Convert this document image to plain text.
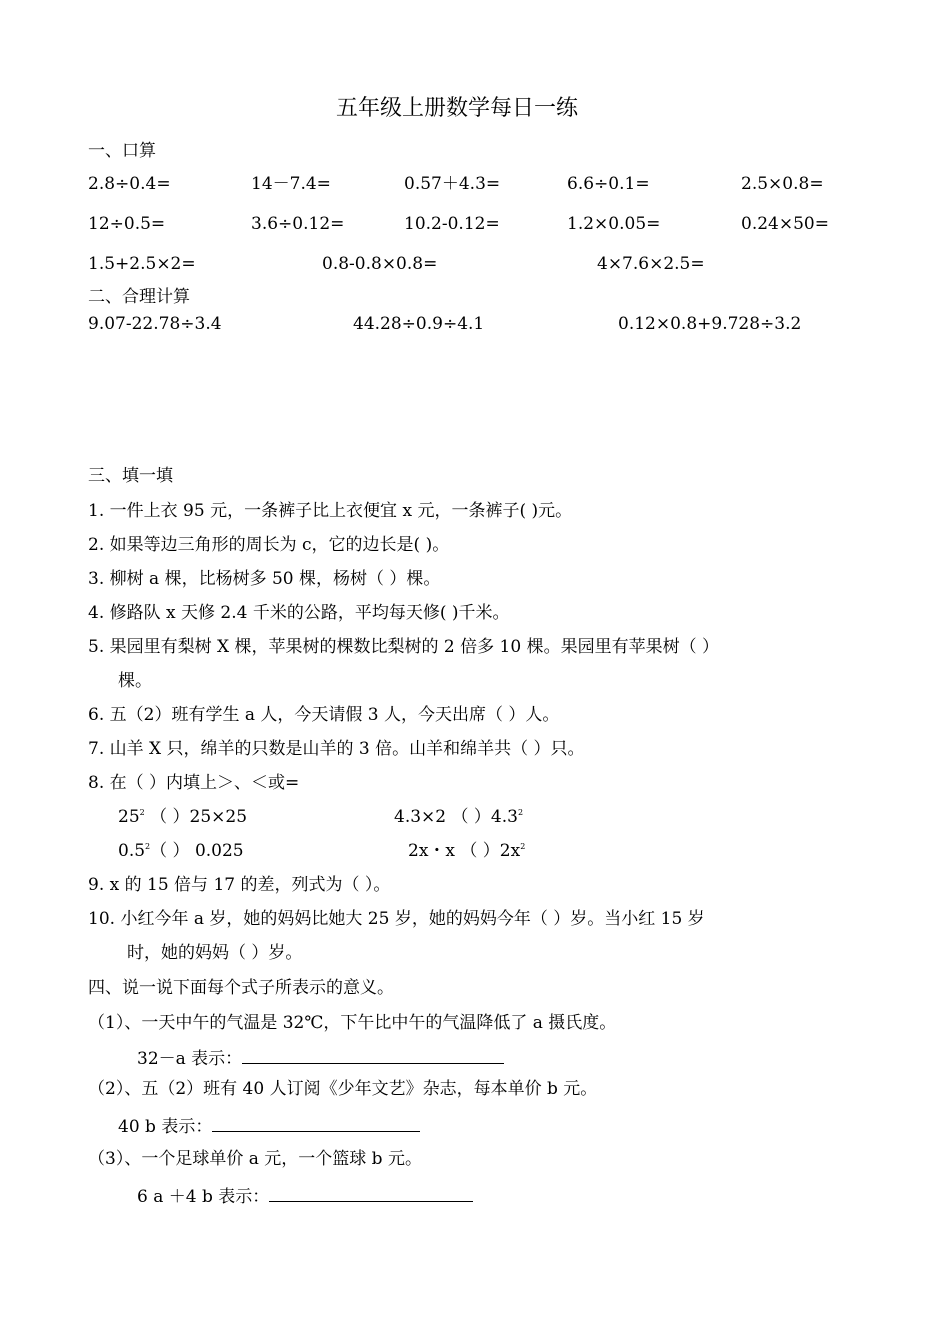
五年级上册数学每日一练
一、口算
2.8÷0.4=	14－7.4=	0.57＋4.3=	6.6÷0.1=	2.5×0.8=
12÷0.5=	3.6÷0.12=	10.2-0.12=	1.2×0.05=	0.24×50=
1.5+2.5×2=	0.8-0.8×0.8=	4×7.6×2.5=
二、合理计算
9.07-22.78÷3.4	44.28÷0.9÷4.1	0.12×0.8+9.728÷3.2
三、填一填
1. 一件上衣 95 元，一条裤子比上衣便宜 x 元，一条裤子( )元。
2. 如果等边三角形的周长为 c，它的边长是( )。
3. 柳树 a 棵，比杨树多 50 棵，杨树（ ）棵。
4. 修路队 x 天修 2.4 千米的公路，平均每天修( )千米。
5. 果园里有梨树 X 棵，苹果树的棵数比梨树的 2 倍多 10 棵。果园里有苹果树（ ）
棵。
6. 五（2）班有学生 a 人，今天请假 3 人，今天出席（ ）人。
7. 山羊 X 只，绵羊的只数是山羊的 3 倍。山羊和绵羊共（ ）只。
8. 在（ ）内填上＞、＜或=
$25^2$ （ ）25×25	4.3×2 （ ）$4.3^2$
$0.5^2$（ ） 0.025	2x・x （ ）$2x^2$
9. x 的 15 倍与 17 的差，列式为（ ）。
10. 小红今年 a 岁，她的妈妈比她大 25 岁，她的妈妈今年（ ）岁。当小红 15 岁
时，她的妈妈（ ）岁。
四、说一说下面每个式子所表示的意义。
（1）、一天中午的气温是 32℃，下午比中午的气温降低了 a 摄氏度。
32－a 表示：
（2）、五（2）班有 40 人订阅《少年文艺》杂志，每本单价 b 元。
40 b 表示：
（3）、一个足球单价 a 元，一个篮球 b 元。
6 a ＋4 b 表示：
